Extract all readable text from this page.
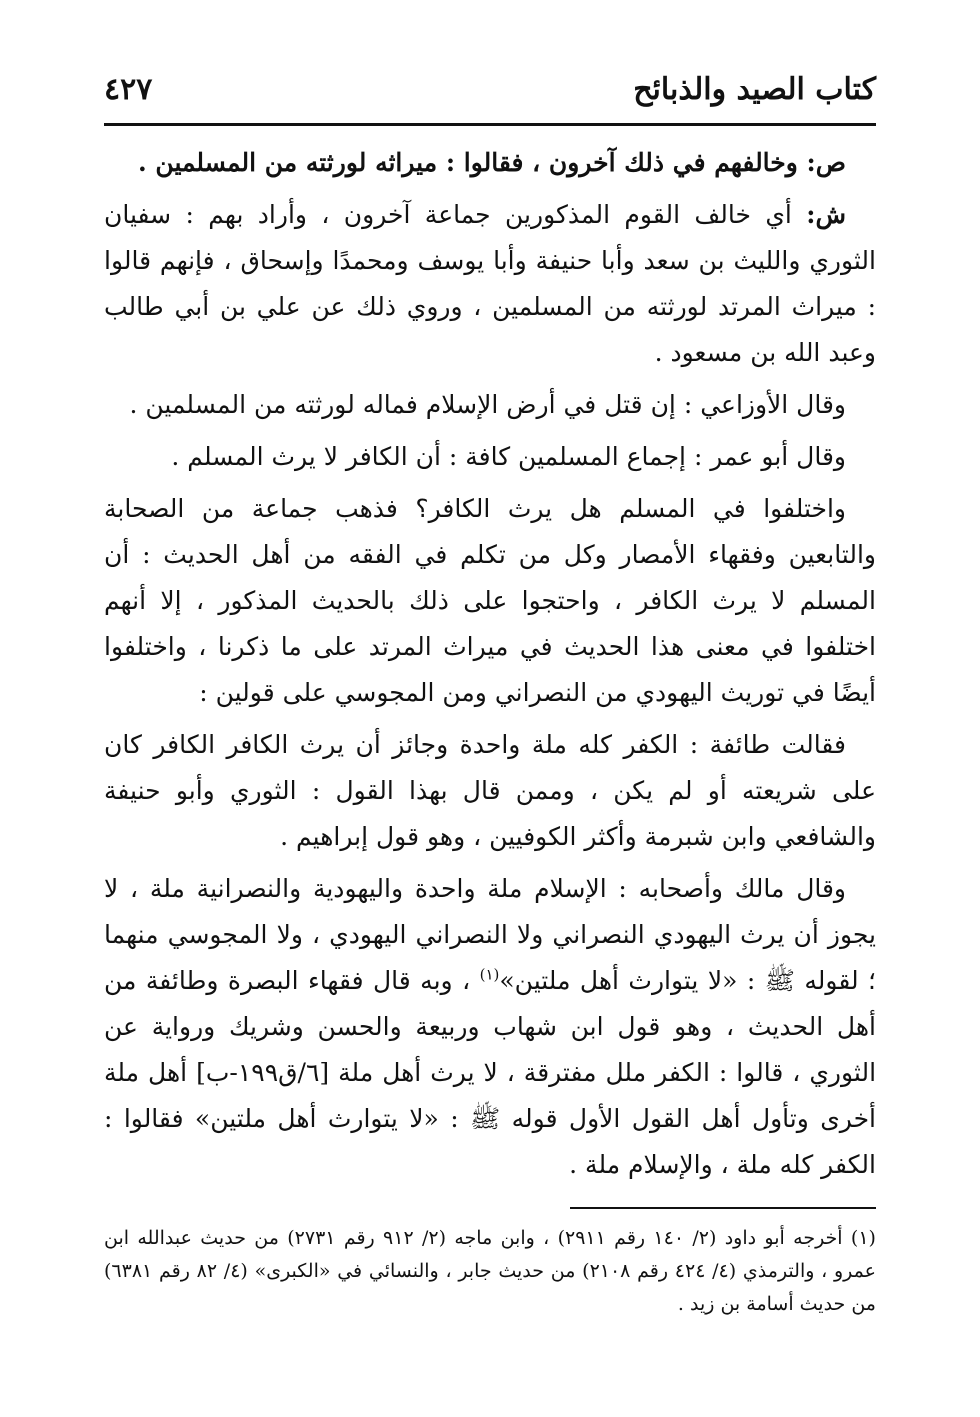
كتاب الصيد والذبائح
٤٢٧

ص: وخالفهم في ذلك آخرون ، فقالوا : ميراثه لورثته من المسلمين .

ش: أي خالف القوم المذكورين جماعة آخرون ، وأراد بهم : سفيان الثوري والليث بن سعد وأبا حنيفة وأبا يوسف ومحمدًا وإسحاق ، فإنهم قالوا : ميراث المرتد لورثته من المسلمين ، وروي ذلك عن علي بن أبي طالب وعبد الله بن مسعود .

وقال الأوزاعي : إن قتل في أرض الإسلام فماله لورثته من المسلمين .

وقال أبو عمر : إجماع المسلمين كافة : أن الكافر لا يرث المسلم .

واختلفوا في المسلم هل يرث الكافر؟ فذهب جماعة من الصحابة والتابعين وفقهاء الأمصار وكل من تكلم في الفقه من أهل الحديث : أن المسلم لا يرث الكافر ، واحتجوا على ذلك بالحديث المذكور ، إلا أنهم اختلفوا في معنى هذا الحديث في ميراث المرتد على ما ذكرنا ، واختلفوا أيضًا في توريث اليهودي من النصراني ومن المجوسي على قولين :

فقالت طائفة : الكفر كله ملة واحدة وجائز أن يرث الكافر الكافر كان على شريعته أو لم يكن ، وممن قال بهذا القول : الثوري وأبو حنيفة والشافعي وابن شبرمة وأكثر الكوفيين ، وهو قول إبراهيم .

وقال مالك وأصحابه : الإسلام ملة واحدة واليهودية والنصرانية ملة ، لا يجوز أن يرث اليهودي النصراني ولا النصراني اليهودي ، ولا المجوسي منهما ؛ لقوله ﷺ : «لا يتوارث أهل ملتين»$^{(١)}$ ، وبه قال فقهاء البصرة وطائفة من أهل الحديث ، وهو قول ابن شهاب وربيعة والحسن وشريك ورواية عن الثوري ، قالوا : الكفر ملل مفترقة ، لا يرث أهل ملة [٦/ق١٩٩-ب] أهل ملة أخرى وتأول أهل القول الأول قوله ﷺ : «لا يتوارث أهل ملتين» فقالوا : الكفر كله ملة ، والإسلام ملة .

(١) أخرجه أبو داود (٢/ ١٤٠ رقم ٢٩١١) ، وابن ماجه (٢/ ٩١٢ رقم ٢٧٣١) من حديث عبدالله ابن عمرو ، والترمذي (٤/ ٤٢٤ رقم ٢١٠٨) من حديث جابر ، والنسائي في «الكبرى» (٤/ ٨٢ رقم ٦٣٨١) من حديث أسامة بن زيد .
